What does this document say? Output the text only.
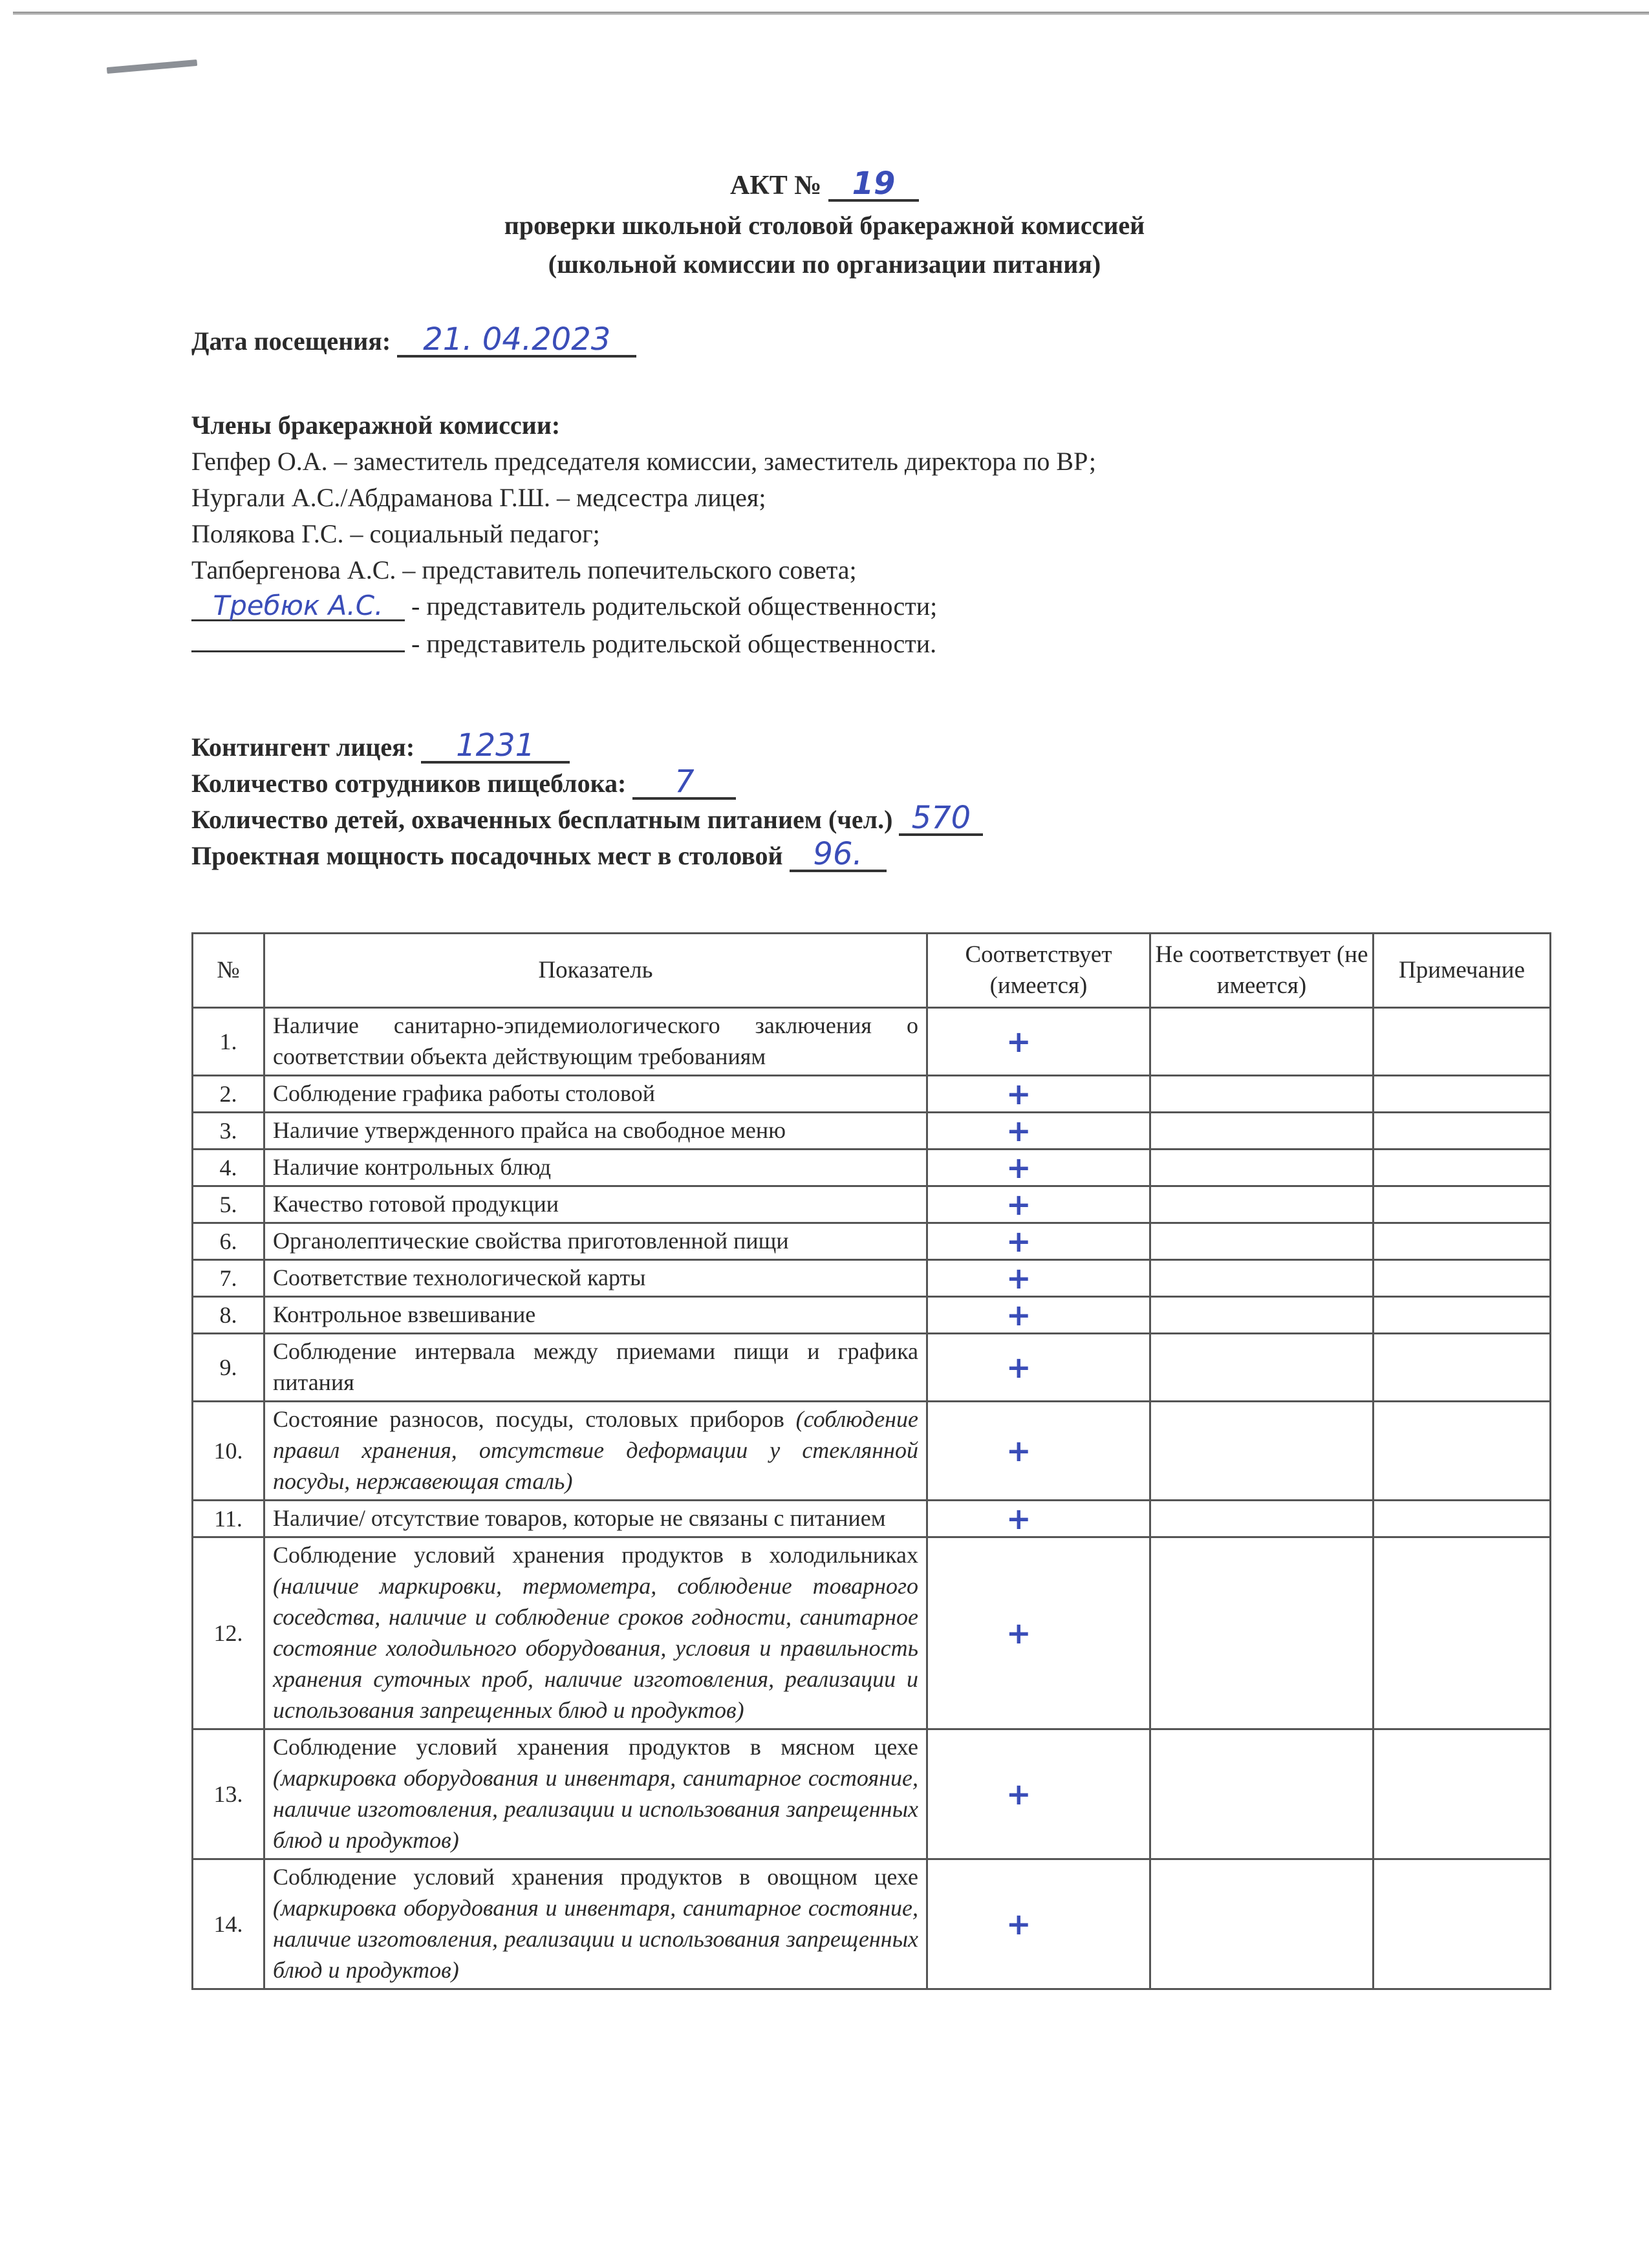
АКТ № 19
проверки школьной столовой бракеражной комиссией
(школьной комиссии по организации питания)
Дата посещения: 21. 04.2023
Члены бракеражной комиссии:
Гепфер О.А. – заместитель председателя комиссии, заместитель директора по ВР;
Нургали А.С./Абдраманова Г.Ш. – медсестра лицея;
Полякова Г.С. – социальный педагог;
Тапбергенова А.С. – представитель попечительского совета;
Требюк А.С. - представитель родительской общественности;
- представитель родительской общественности.
Контингент лицея: 1231
Количество сотрудников пищеблока: 7
Количество детей, охваченных бесплатным питанием (чел.) 570
Проектная мощность посадочных мест в столовой 96.
№	Показатель	Соответствует (имеется)	Не соответствует (не имеется)	Примечание
1.	Наличие санитарно-эпидемиологического заключения о соответствии объекта действующим требованиям	+		

2.	Соблюдение графика работы столовой	+		

3.	Наличие утвержденного прайса на свободное меню	+		

4.	Наличие контрольных блюд	+		

5.	Качество готовой продукции	+		

6.	Органолептические свойства приготовленной пищи	+		

7.	Соответствие технологической карты	+		

8.	Контрольное взвешивание	+		

9.	Соблюдение интервала между приемами пищи и графика питания	+		

10.	Состояние разносов, посуды, столовых приборов (соблюдение правил хранения, отсутствие деформации у стеклянной посуды, нержавеющая сталь)	+		

11.	Наличие/ отсутствие товаров, которые не связаны с питанием	+		

12.	Соблюдение условий хранения продуктов в холодильниках (наличие маркировки, термометра, соблюдение товарного соседства, наличие и соблюдение сроков годности, санитарное состояние холодильного оборудования, условия и правильность хранения суточных проб, наличие изготовления, реализации и использования запрещенных блюд и продуктов)	+		

13.	Соблюдение условий хранения продуктов в мясном цехе (маркировка оборудования и инвентаря, санитарное состояние, наличие изготовления, реализации и использования запрещенных блюд и продуктов)	+		

14.	Соблюдение условий хранения продуктов в овощном цехе (маркировка оборудования и инвентаря, санитарное состояние, наличие изготовления, реализации и использования запрещенных блюд и продуктов)	+		
